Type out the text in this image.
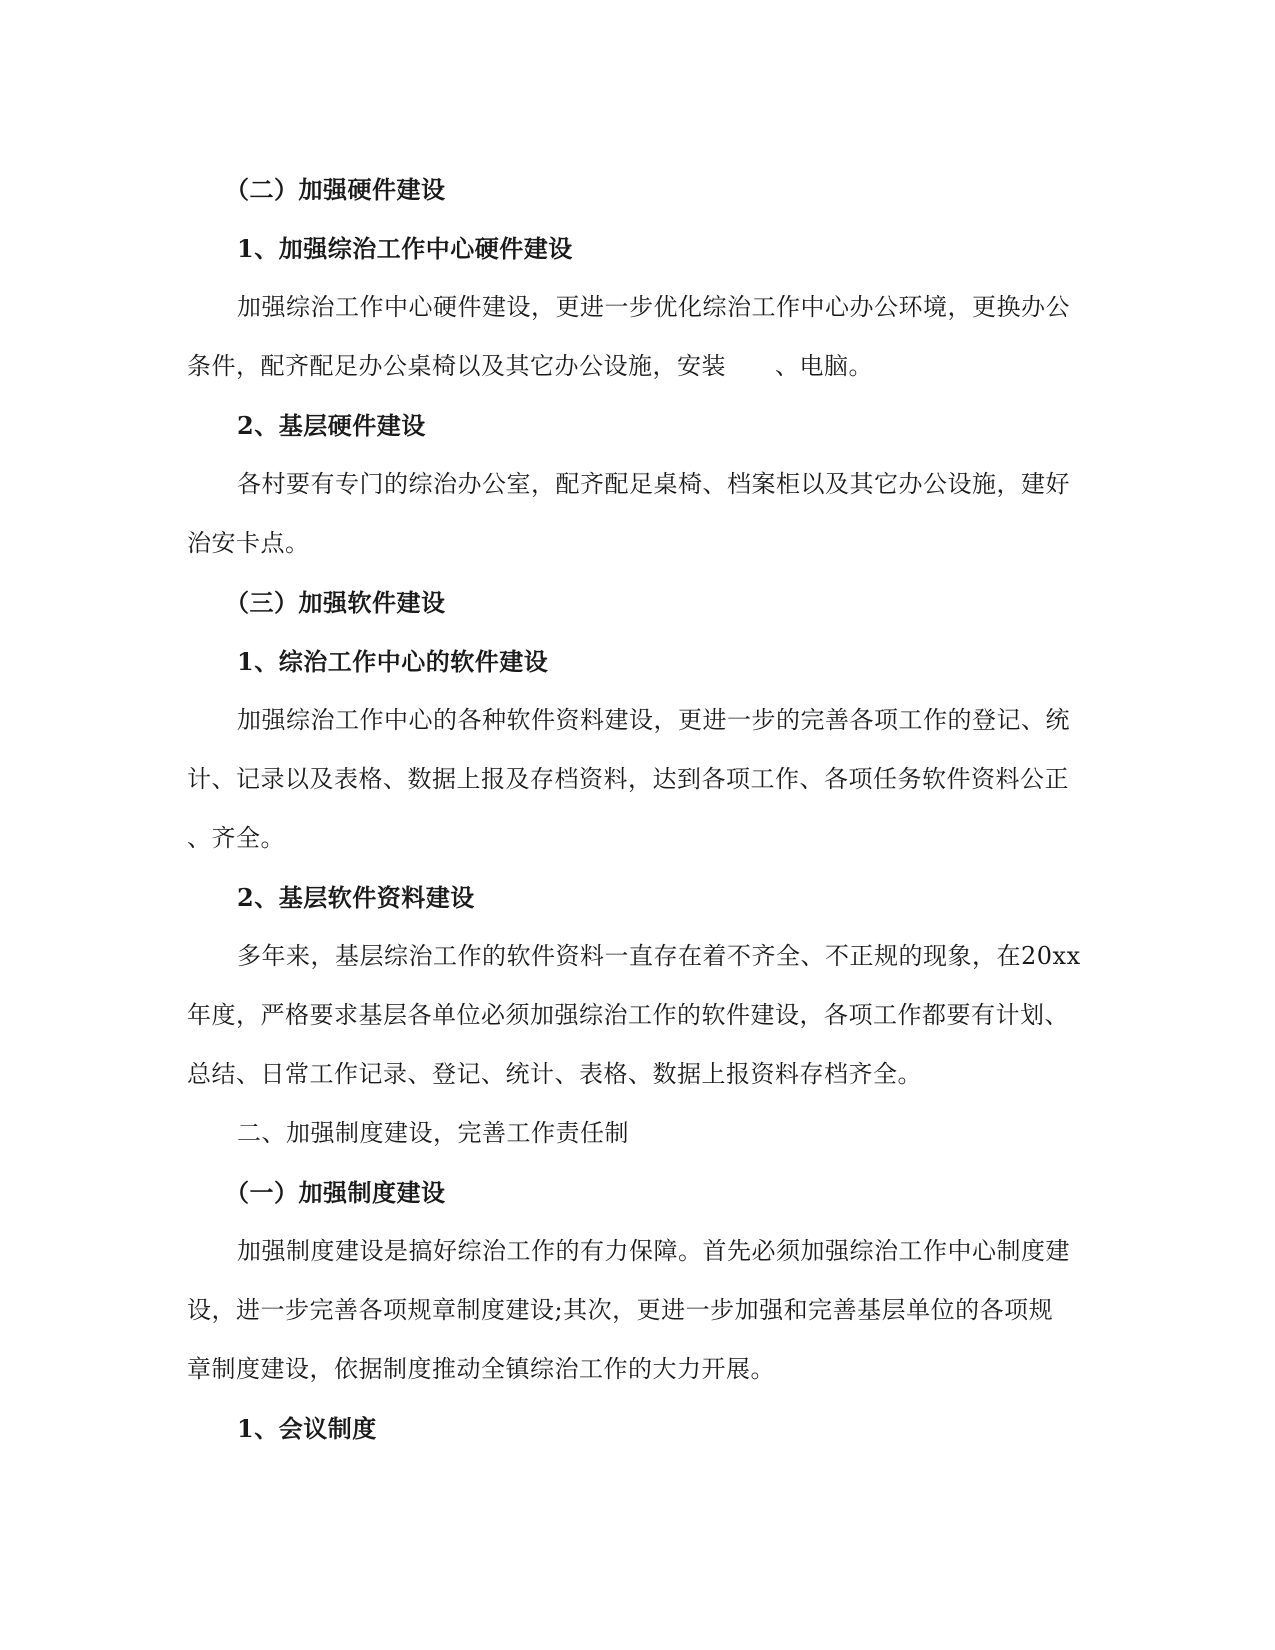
（二）加强硬件建设
1、加强综治工作中心硬件建设
加强综治工作中心硬件建设，更进一步优化综治工作中心办公环境，更换办公
条件，配齐配足办公桌椅以及其它办公设施，安装　　、电脑。
2、基层硬件建设
各村要有专门的综治办公室，配齐配足桌椅、档案柜以及其它办公设施，建好
治安卡点。
（三）加强软件建设
1、综治工作中心的软件建设
加强综治工作中心的各种软件资料建设，更进一步的完善各项工作的登记、统
计、记录以及表格、数据上报及存档资料，达到各项工作、各项任务软件资料公正
、齐全。
2、基层软件资料建设
多年来，基层综治工作的软件资料一直存在着不齐全、不正规的现象，在20xx
年度，严格要求基层各单位必须加强综治工作的软件建设，各项工作都要有计划、
总结、日常工作记录、登记、统计、表格、数据上报资料存档齐全。
二、加强制度建设，完善工作责任制
（一）加强制度建设
加强制度建设是搞好综治工作的有力保障。首先必须加强综治工作中心制度建
设，进一步完善各项规章制度建设;其次，更进一步加强和完善基层单位的各项规
章制度建设，依据制度推动全镇综治工作的大力开展。
1、会议制度
